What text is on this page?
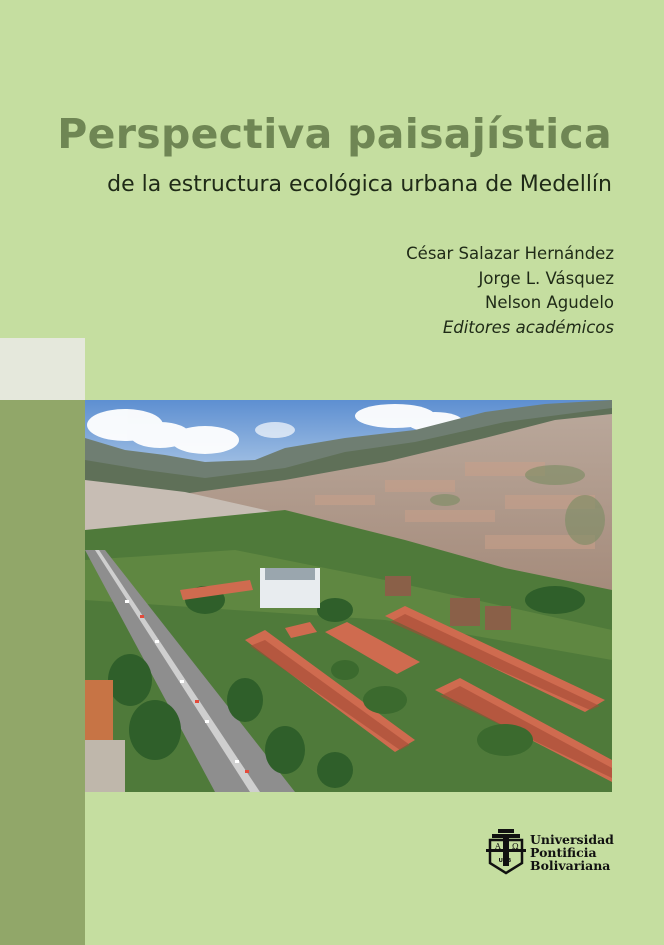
Perspectiva paisajística
de la estructura ecológica urbana de Medellín
César Salazar Hernández
Jorge L. Vásquez
Nelson Agudelo
Editores académicos
A Ω
UPB
Universidad
Pontificia
Bolivariana
